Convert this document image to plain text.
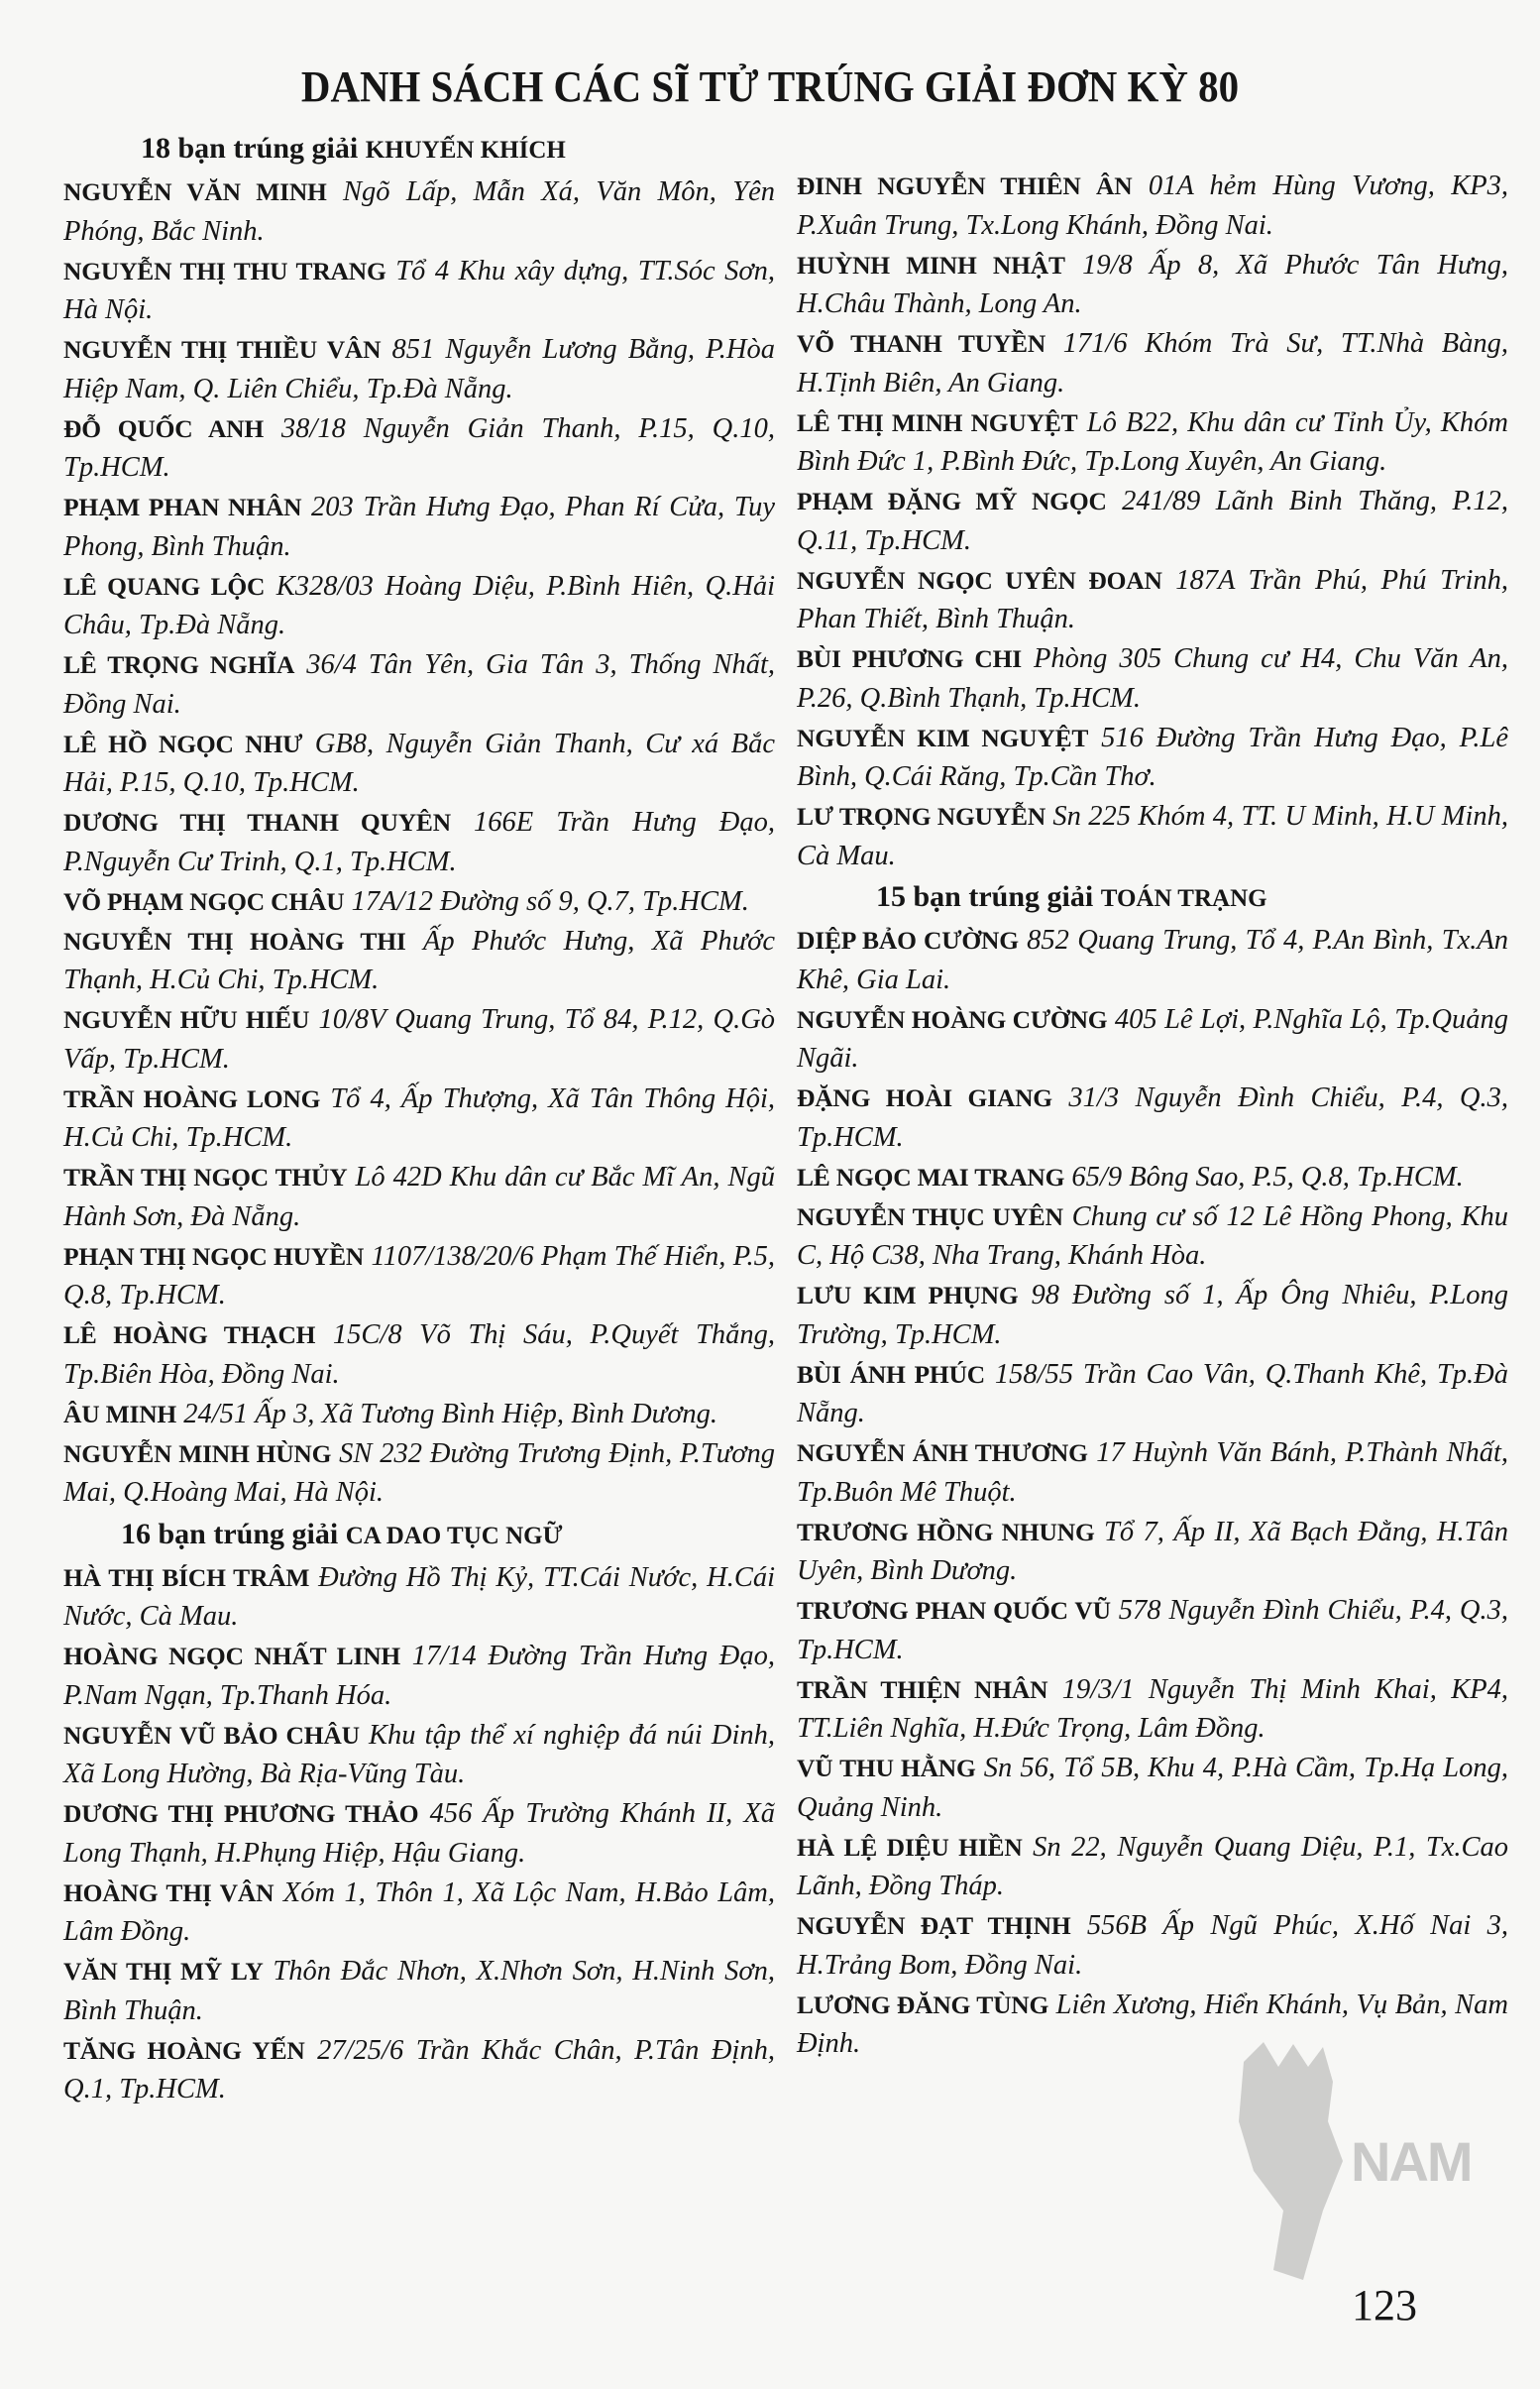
DANH SÁCH CÁC SĨ TỬ TRÚNG GIẢI ĐƠN KỲ 80
18 bạn trúng giải KHUYẾN KHÍCH
NGUYỄN VĂN MINH Ngõ Lấp, Mẫn Xá, Văn Môn, Yên Phóng, Bắc Ninh.
NGUYỄN THỊ THU TRANG Tổ 4 Khu xây dựng, TT.Sóc Sơn, Hà Nội.
NGUYỄN THỊ THIỀU VÂN 851 Nguyễn Lương Bằng, P.Hòa Hiệp Nam, Q. Liên Chiểu, Tp.Đà Nẵng.
ĐỖ QUỐC ANH 38/18 Nguyễn Giản Thanh, P.15, Q.10, Tp.HCM.
PHẠM PHAN NHÂN 203 Trần Hưng Đạo, Phan Rí Cửa, Tuy Phong, Bình Thuận.
LÊ QUANG LỘC K328/03 Hoàng Diệu, P.Bình Hiên, Q.Hải Châu, Tp.Đà Nẵng.
LÊ TRỌNG NGHĨA 36/4 Tân Yên, Gia Tân 3, Thống Nhất, Đồng Nai.
LÊ HỒ NGỌC NHƯ GB8, Nguyễn Giản Thanh, Cư xá Bắc Hải, P.15, Q.10, Tp.HCM.
DƯƠNG THỊ THANH QUYÊN 166E Trần Hưng Đạo, P.Nguyễn Cư Trinh, Q.1, Tp.HCM.
VÕ PHẠM NGỌC CHÂU 17A/12 Đường số 9, Q.7, Tp.HCM.
NGUYỄN THỊ HOÀNG THI Ấp Phước Hưng, Xã Phước Thạnh, H.Củ Chi, Tp.HCM.
NGUYỄN HỮU HIẾU 10/8V Quang Trung, Tổ 84, P.12, Q.Gò Vấp, Tp.HCM.
TRẦN HOÀNG LONG Tổ 4, Ấp Thượng, Xã Tân Thông Hội, H.Củ Chi, Tp.HCM.
TRẦN THỊ NGỌC THỦY Lô 42D Khu dân cư Bắc Mĩ An, Ngũ Hành Sơn, Đà Nẵng.
PHẠN THỊ NGỌC HUYỀN 1107/138/20/6 Phạm Thế Hiển, P.5, Q.8, Tp.HCM.
LÊ HOÀNG THẠCH 15C/8 Võ Thị Sáu, P.Quyết Thắng, Tp.Biên Hòa, Đồng Nai.
ÂU MINH 24/51 Ấp 3, Xã Tương Bình Hiệp, Bình Dương.
NGUYỄN MINH HÙNG SN 232 Đường Trương Định, P.Tương Mai, Q.Hoàng Mai, Hà Nội.
16 bạn trúng giải CA DAO TỤC NGỮ
HÀ THỊ BÍCH TRÂM Đường Hồ Thị Kỷ, TT.Cái Nước, H.Cái Nước, Cà Mau.
HOÀNG NGỌC NHẤT LINH 17/14 Đường Trần Hưng Đạo, P.Nam Ngạn, Tp.Thanh Hóa.
NGUYỄN VŨ BẢO CHÂU Khu tập thể xí nghiệp đá núi Dinh, Xã Long Hường, Bà Rịa-Vũng Tàu.
DƯƠNG THỊ PHƯƠNG THẢO 456 Ấp Trường Khánh II, Xã Long Thạnh, H.Phụng Hiệp, Hậu Giang.
HOÀNG THỊ VÂN Xóm 1, Thôn 1, Xã Lộc Nam, H.Bảo Lâm, Lâm Đồng.
VĂN THỊ MỸ LY Thôn Đắc Nhơn, X.Nhơn Sơn, H.Ninh Sơn, Bình Thuận.
TĂNG HOÀNG YẾN 27/25/6 Trần Khắc Chân, P.Tân Định, Q.1, Tp.HCM.
ĐINH NGUYỄN THIÊN ÂN 01A hẻm Hùng Vương, KP3, P.Xuân Trung, Tx.Long Khánh, Đồng Nai.
HUỲNH MINH NHẬT 19/8 Ấp 8, Xã Phước Tân Hưng, H.Châu Thành, Long An.
VÕ THANH TUYỀN 171/6 Khóm Trà Sư, TT.Nhà Bàng, H.Tịnh Biên, An Giang.
LÊ THỊ MINH NGUYỆT Lô B22, Khu dân cư Tỉnh Ủy, Khóm Bình Đức 1, P.Bình Đức, Tp.Long Xuyên, An Giang.
PHẠM ĐẶNG MỸ NGỌC 241/89 Lãnh Binh Thăng, P.12, Q.11, Tp.HCM.
NGUYỄN NGỌC UYÊN ĐOAN 187A Trần Phú, Phú Trinh, Phan Thiết, Bình Thuận.
BÙI PHƯƠNG CHI Phòng 305 Chung cư H4, Chu Văn An, P.26, Q.Bình Thạnh, Tp.HCM.
NGUYỄN KIM NGUYỆT 516 Đường Trần Hưng Đạo, P.Lê Bình, Q.Cái Răng, Tp.Cần Thơ.
LƯ TRỌNG NGUYỄN Sn 225 Khóm 4, TT. U Minh, H.U Minh, Cà Mau.
15 bạn trúng giải TOÁN TRẠNG
DIỆP BẢO CƯỜNG 852 Quang Trung, Tổ 4, P.An Bình, Tx.An Khê, Gia Lai.
NGUYỄN HOÀNG CƯỜNG 405 Lê Lợi, P.Nghĩa Lộ, Tp.Quảng Ngãi.
ĐẶNG HOÀI GIANG 31/3 Nguyễn Đình Chiểu, P.4, Q.3, Tp.HCM.
LÊ NGỌC MAI TRANG 65/9 Bông Sao, P.5, Q.8, Tp.HCM.
NGUYỄN THỤC UYÊN Chung cư số 12 Lê Hồng Phong, Khu C, Hộ C38, Nha Trang, Khánh Hòa.
LƯU KIM PHỤNG 98 Đường số 1, Ấp Ông Nhiêu, P.Long Trường, Tp.HCM.
BÙI ÁNH PHÚC 158/55 Trần Cao Vân, Q.Thanh Khê, Tp.Đà Nẵng.
NGUYỄN ÁNH THƯƠNG 17 Huỳnh Văn Bánh, P.Thành Nhất, Tp.Buôn Mê Thuột.
TRƯƠNG HỒNG NHUNG Tổ 7, Ấp II, Xã Bạch Đằng, H.Tân Uyên, Bình Dương.
TRƯƠNG PHAN QUỐC VŨ 578 Nguyễn Đình Chiểu, P.4, Q.3, Tp.HCM.
TRẦN THIỆN NHÂN 19/3/1 Nguyễn Thị Minh Khai, KP4, TT.Liên Nghĩa, H.Đức Trọng, Lâm Đồng.
VŨ THU HẰNG Sn 56, Tổ 5B, Khu 4, P.Hà Cầm, Tp.Hạ Long, Quảng Ninh.
HÀ LỆ DIỆU HIỀN Sn 22, Nguyễn Quang Diệu, P.1, Tx.Cao Lãnh, Đồng Tháp.
NGUYỄN ĐẠT THỊNH 556B Ấp Ngũ Phúc, X.Hố Nai 3, H.Trảng Bom, Đồng Nai.
LƯƠNG ĐĂNG TÙNG Liên Xương, Hiển Khánh, Vụ Bản, Nam Định.
NAM
123
